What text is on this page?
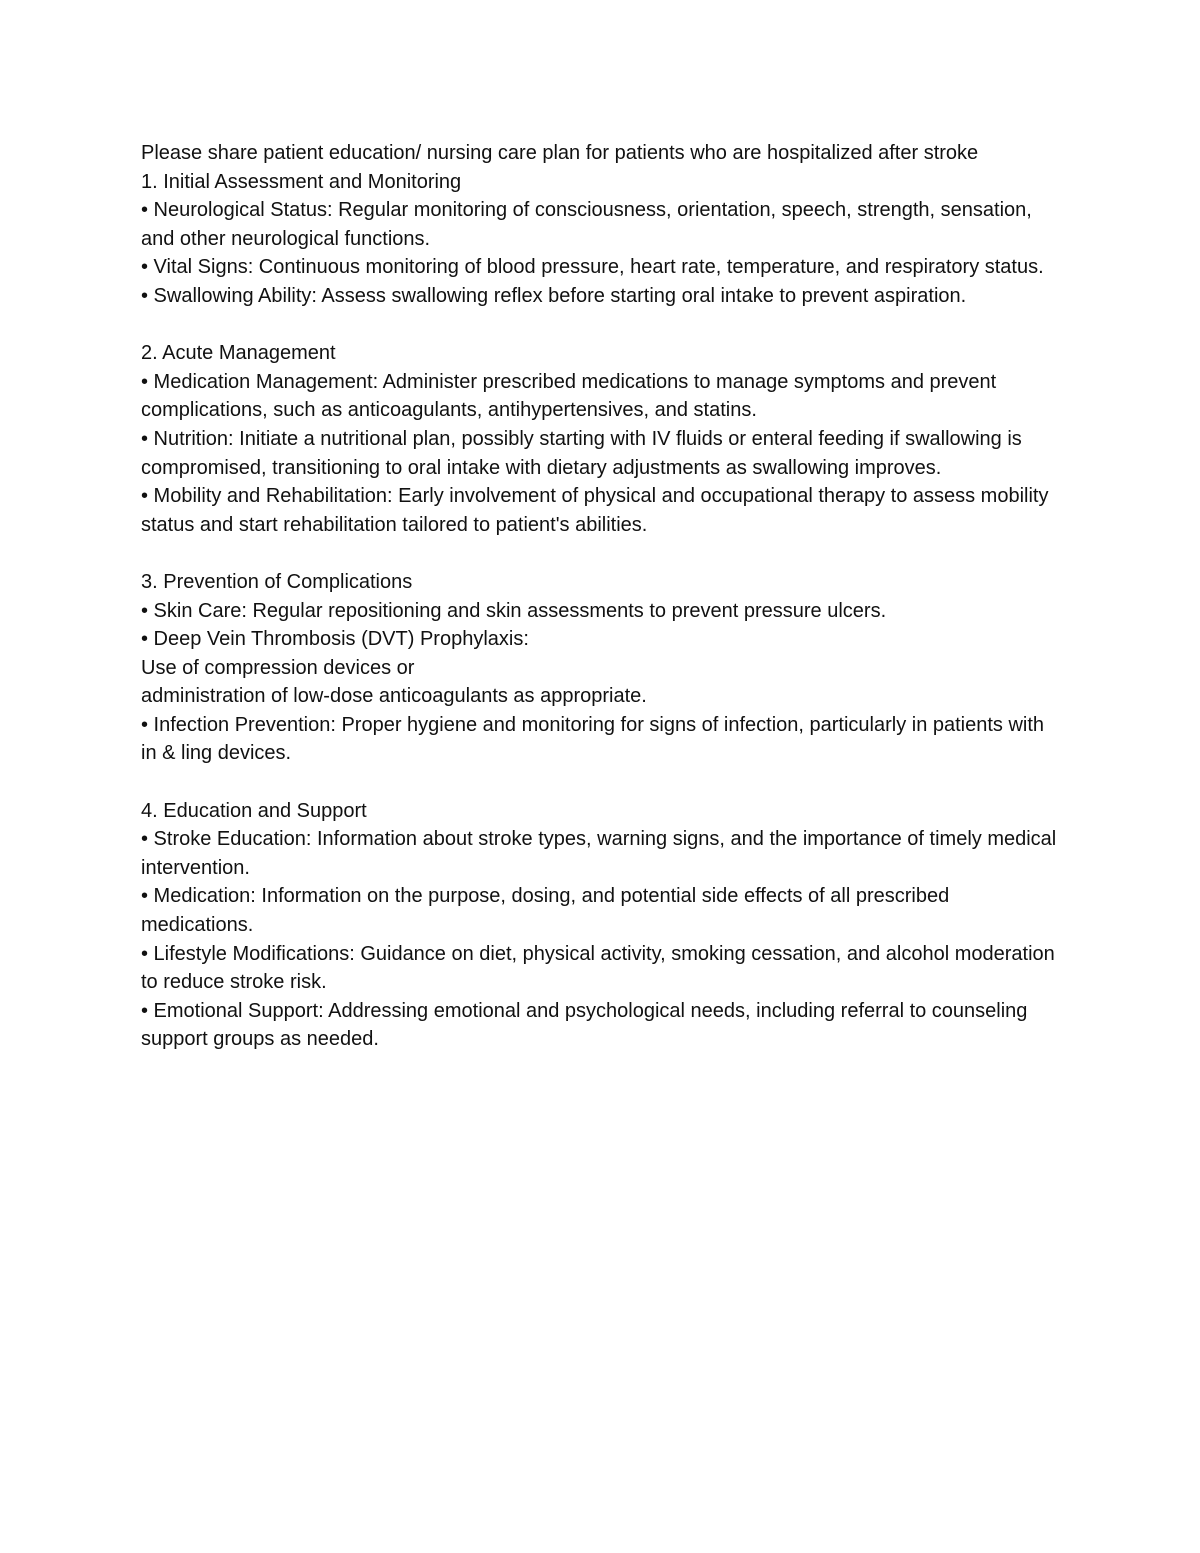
Please share patient education/ nursing care plan for patients who are hospitalized after stroke

1. Initial Assessment and Monitoring

• Neurological Status: Regular monitoring of consciousness, orientation, speech, strength, sensation, and other neurological functions.

• Vital Signs: Continuous monitoring of blood pressure, heart rate, temperature, and respiratory status.

• Swallowing Ability: Assess swallowing reflex before starting oral intake to prevent aspiration.

2. Acute Management

• Medication Management: Administer prescribed medications to manage symptoms and prevent complications, such as anticoagulants, antihypertensives, and statins.

• Nutrition: Initiate a nutritional plan, possibly starting with IV fluids or enteral feeding if swallowing is compromised, transitioning to oral intake with dietary adjustments as swallowing improves.

• Mobility and Rehabilitation: Early involvement of physical and occupational therapy to assess mobility status and start rehabilitation tailored to patient's abilities.

3. Prevention of Complications

• Skin Care: Regular repositioning and skin assessments to prevent pressure ulcers.

• Deep Vein Thrombosis (DVT) Prophylaxis:

Use of compression devices or

administration of low-dose anticoagulants as appropriate.

• Infection Prevention: Proper hygiene and monitoring for signs of infection, particularly in patients with in & ling devices.

4. Education and Support

• Stroke Education: Information about stroke types, warning signs, and the importance of timely medical intervention.

• Medication: Information on the purpose, dosing, and potential side effects of all prescribed medications.

• Lifestyle Modifications: Guidance on diet, physical activity, smoking cessation, and alcohol moderation to reduce stroke risk.

• Emotional Support: Addressing emotional and psychological needs, including referral to counseling support groups as needed.
